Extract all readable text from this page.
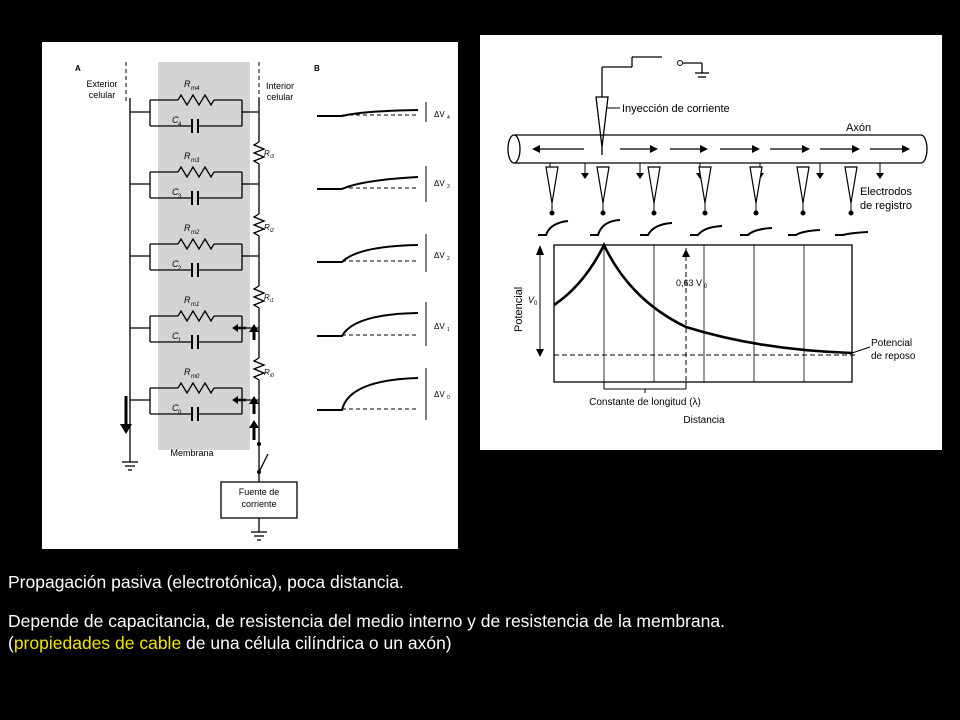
A	B
Exterior
celular
Interior
celular
Membrana
R m4
C 4
R m3
C 3
R m2
C 2
R m1
C 1
R m0
C 0
R i3
R i2
R i1
R i0
Fuente de
corriente
ΔV 4
ΔV 3
ΔV 2
ΔV 1
ΔV 0
Inyección de corriente
Axón
Electrodos
de registro
0,63 V 0
V 0
Potencial
Potencial
de reposo
Constante de longitud (λ)
Distancia
Propagación pasiva (electrotónica), poca distancia.
Depende de capacitancia, de resistencia del medio interno y de resistencia de la membrana.
(propiedades de cable de una célula cilíndrica o un axón)
